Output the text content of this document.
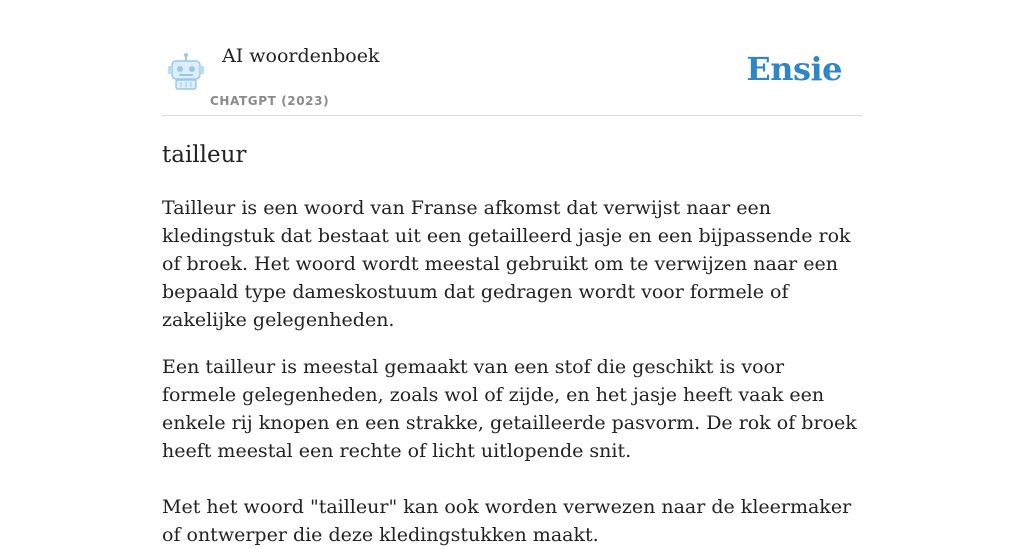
AI woordenboek
CHATGPT (2023)
Ensie
tailleur

Tailleur is een woord van Franse afkomst dat verwijst naar een kledingstuk dat bestaat uit een getailleerd jasje en een bijpassende rok of broek. Het woord wordt meestal gebruikt om te verwijzen naar een bepaald type dameskostuum dat gedragen wordt voor formele of zakelijke gelegenheden.

Een tailleur is meestal gemaakt van een stof die geschikt is voor formele gelegenheden, zoals wol of zijde, en het jasje heeft vaak een enkele rij knopen en een strakke, getailleerde pasvorm. De rok of broek heeft meestal een rechte of licht uitlopende snit.

Met het woord "tailleur" kan ook worden verwezen naar de kleermaker of ontwerper die deze kledingstukken maakt.
